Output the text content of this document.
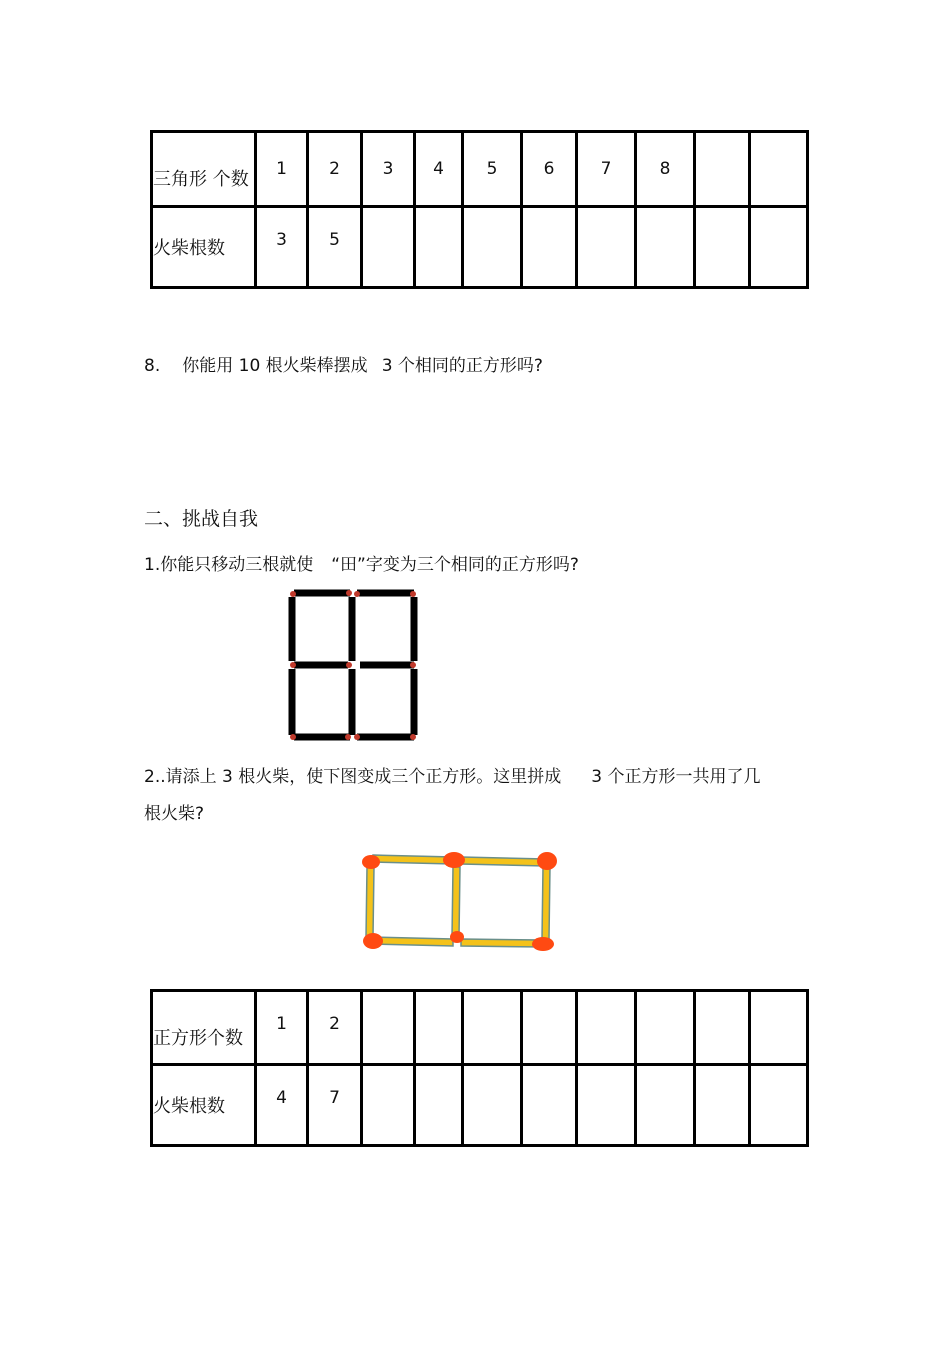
三角形 个数	1	2	3	4	5	6	7	8		
火柴根数	3	5								
8. 你能用 10 根火柴棒摆成 3 个相同的正方形吗?
二、挑战自我
1.你能只移动三根就使 “田”字变为三个相同的正方形吗?
2..请添上 3 根火柴，使下图变成三个正方形。这里拼成 3 个正方形一共用了几
根火柴?
正方形个数	1	2								
火柴根数	4	7								
